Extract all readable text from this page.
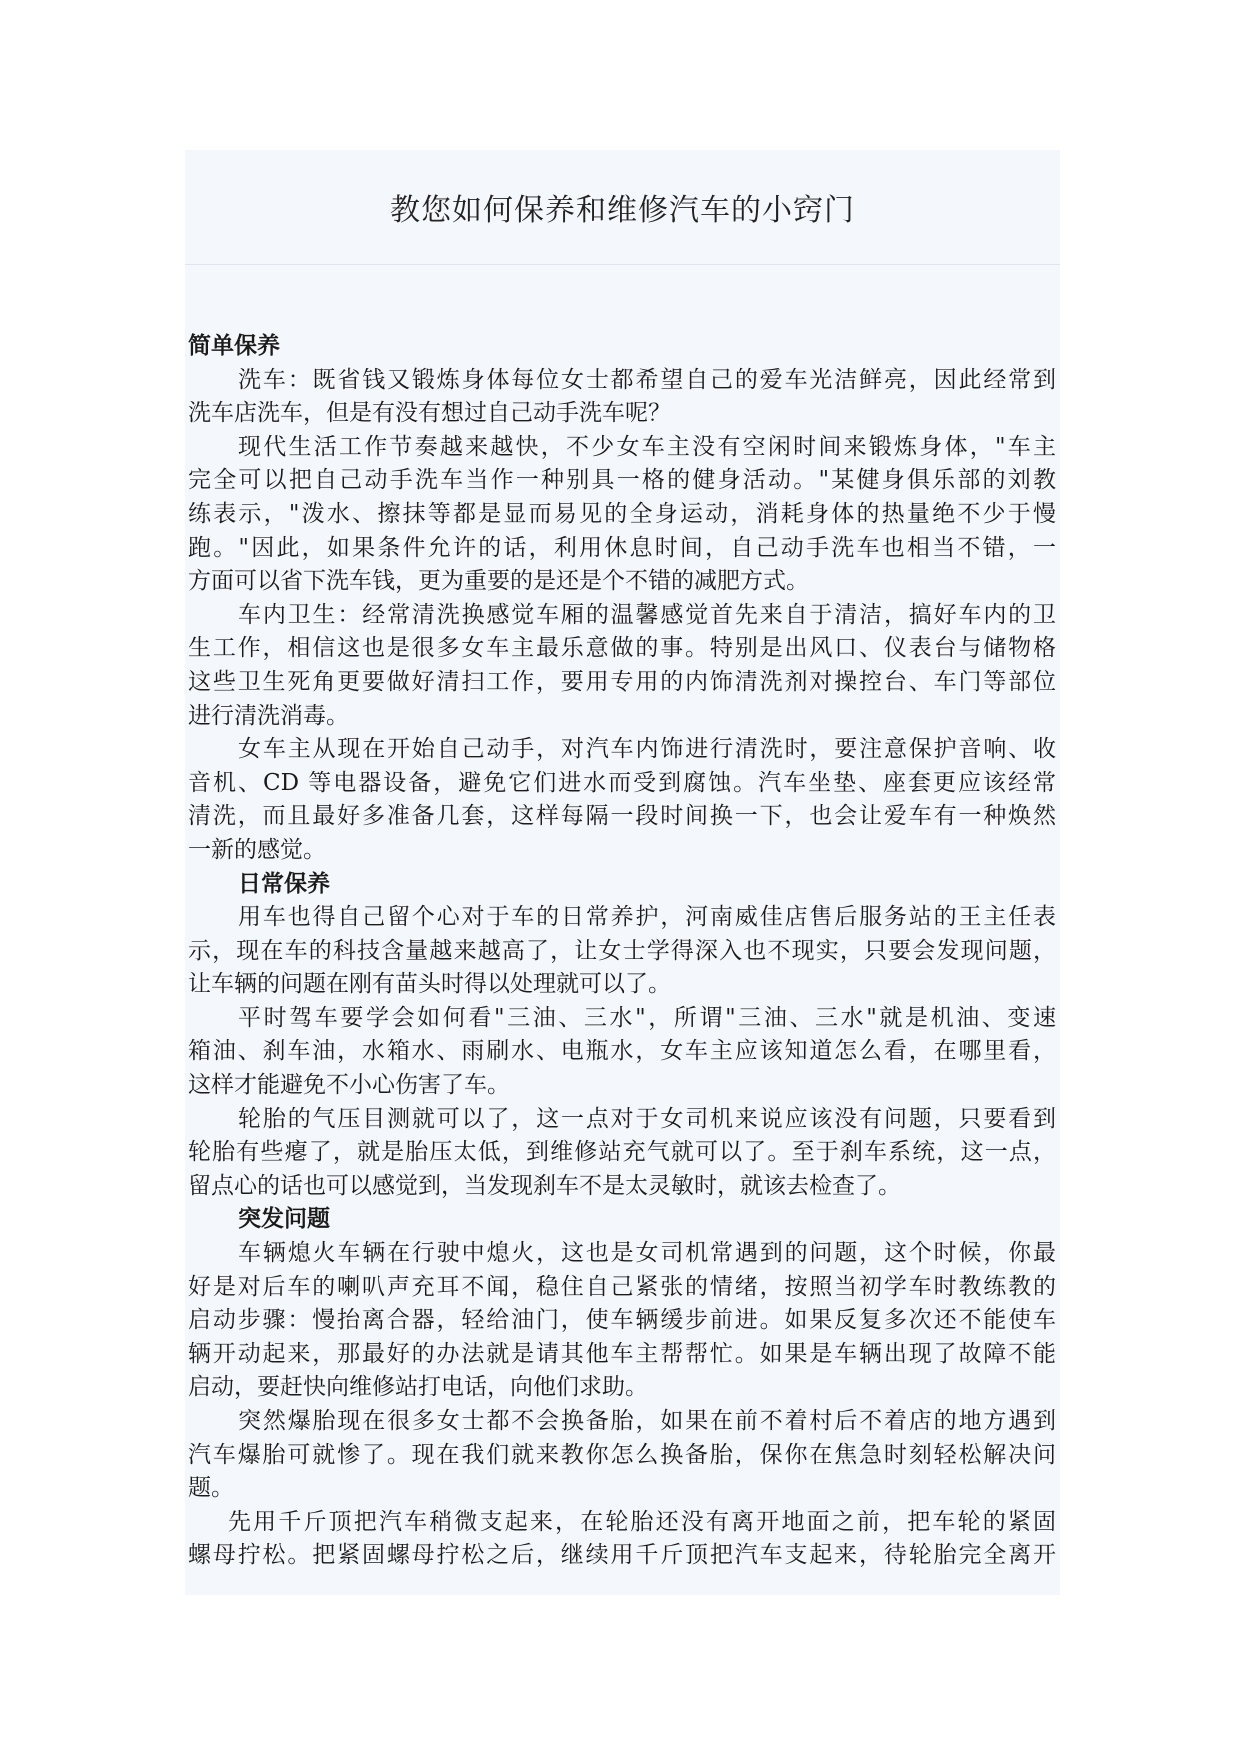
教您如何保养和维修汽车的小窍门
简单保养
洗车：既省钱又锻炼身体每位女士都希望自己的爱车光洁鲜亮，因此经常到
洗车店洗车，但是有没有想过自己动手洗车呢？
现代生活工作节奏越来越快，不少女车主没有空闲时间来锻炼身体，"车主
完全可以把自己动手洗车当作一种别具一格的健身活动。"某健身俱乐部的刘教
练表示，"泼水、擦抹等都是显而易见的全身运动，消耗身体的热量绝不少于慢
跑。"因此，如果条件允许的话，利用休息时间，自己动手洗车也相当不错，一
方面可以省下洗车钱，更为重要的是还是个不错的减肥方式。
车内卫生：经常清洗换感觉车厢的温馨感觉首先来自于清洁，搞好车内的卫
生工作，相信这也是很多女车主最乐意做的事。特别是出风口、仪表台与储物格
这些卫生死角更要做好清扫工作，要用专用的内饰清洗剂对操控台、车门等部位
进行清洗消毒。
女车主从现在开始自己动手，对汽车内饰进行清洗时，要注意保护音响、收
音机、CD 等电器设备，避免它们进水而受到腐蚀。汽车坐垫、座套更应该经常
清洗，而且最好多准备几套，这样每隔一段时间换一下，也会让爱车有一种焕然
一新的感觉。
日常保养
用车也得自己留个心对于车的日常养护，河南威佳店售后服务站的王主任表
示，现在车的科技含量越来越高了，让女士学得深入也不现实，只要会发现问题，
让车辆的问题在刚有苗头时得以处理就可以了。
平时驾车要学会如何看"三油、三水"，所谓"三油、三水"就是机油、变速
箱油、刹车油，水箱水、雨刷水、电瓶水，女车主应该知道怎么看，在哪里看，
这样才能避免不小心伤害了车。
轮胎的气压目测就可以了，这一点对于女司机来说应该没有问题，只要看到
轮胎有些瘪了，就是胎压太低，到维修站充气就可以了。至于刹车系统，这一点，
留点心的话也可以感觉到，当发现刹车不是太灵敏时，就该去检查了。
突发问题
车辆熄火车辆在行驶中熄火，这也是女司机常遇到的问题，这个时候，你最
好是对后车的喇叭声充耳不闻，稳住自己紧张的情绪，按照当初学车时教练教的
启动步骤：慢抬离合器，轻给油门，使车辆缓步前进。如果反复多次还不能使车
辆开动起来，那最好的办法就是请其他车主帮帮忙。如果是车辆出现了故障不能
启动，要赶快向维修站打电话，向他们求助。
突然爆胎现在很多女士都不会换备胎，如果在前不着村后不着店的地方遇到
汽车爆胎可就惨了。现在我们就来教你怎么换备胎，保你在焦急时刻轻松解决问
题。
先用千斤顶把汽车稍微支起来，在轮胎还没有离开地面之前，把车轮的紧固
螺母拧松。把紧固螺母拧松之后，继续用千斤顶把汽车支起来，待轮胎完全离开
